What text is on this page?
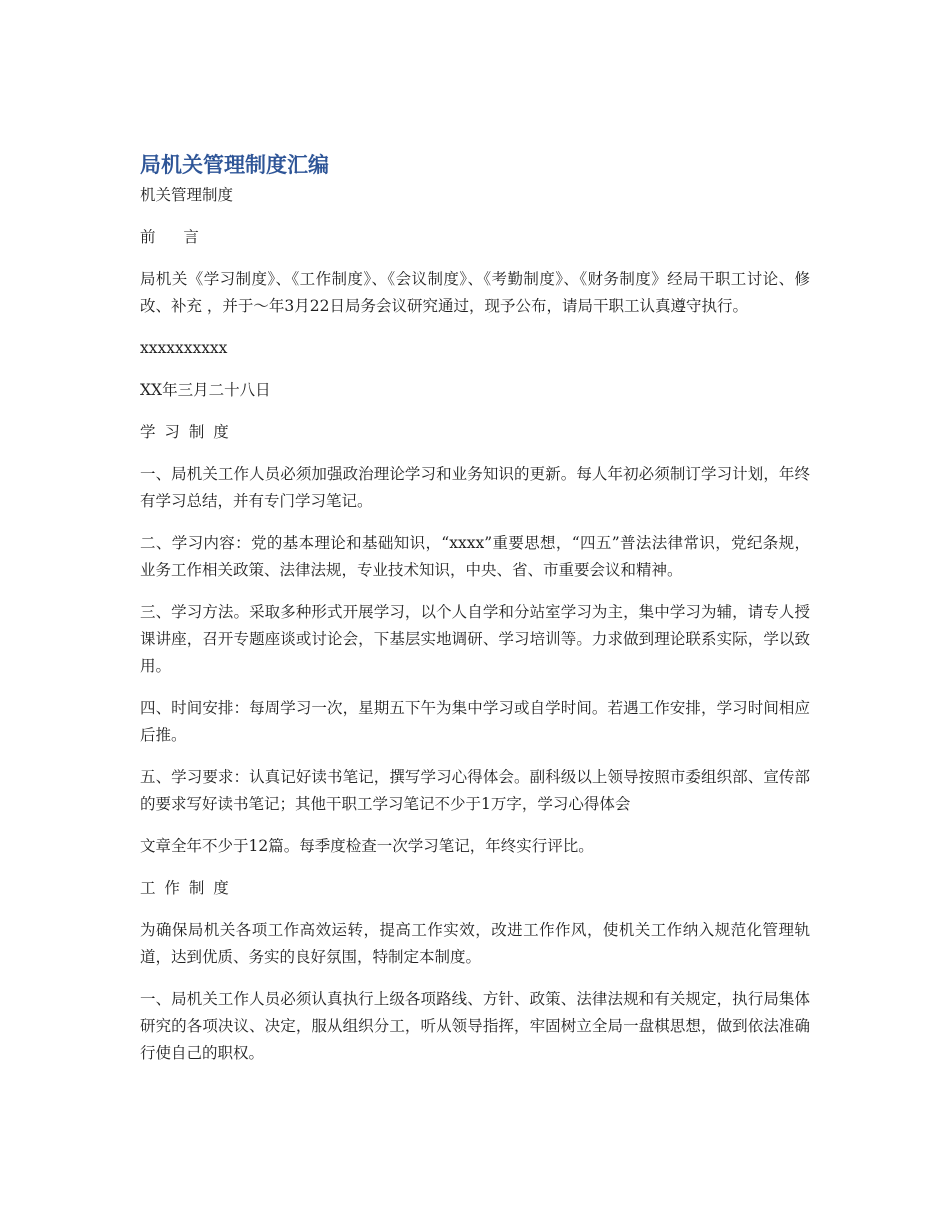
局机关管理制度汇编
机关管理制度
前  言
局机关《学习制度》、《工作制度》、《会议制度》、《考勤制度》、《财务制度》经局干职工讨论、修改、补充 ，并于～年3月22日局务会议研究通过，现予公布，请局干职工认真遵守执行。
xxxxxxxxxx
XX年三月二十八日
学 习 制 度
一、局机关工作人员必须加强政治理论学习和业务知识的更新。每人年初必须制订学习计划，年终有学习总结，并有专门学习笔记。
二、学习内容：党的基本理论和基础知识，“xxxx”重要思想，“四五”普法法律常识，党纪条规，业务工作相关政策、法律法规，专业技术知识，中央、省、市重要会议和精神。
三、学习方法。采取多种形式开展学习，以个人自学和分站室学习为主，集中学习为辅，请专人授课讲座，召开专题座谈或讨论会，下基层实地调研、学习培训等。力求做到理论联系实际，学以致用。
四、时间安排：每周学习一次，星期五下午为集中学习或自学时间。若遇工作安排，学习时间相应后推。
五、学习要求：认真记好读书笔记，撰写学习心得体会。副科级以上领导按照市委组织部、宣传部的要求写好读书笔记；其他干职工学习笔记不少于1万字，学习心得体会
文章全年不少于12篇。每季度检查一次学习笔记，年终实行评比。
工 作 制 度
为确保局机关各项工作高效运转，提高工作实效，改进工作作风，使机关工作纳入规范化管理轨道，达到优质、务实的良好氛围，特制定本制度。
一、局机关工作人员必须认真执行上级各项路线、方针、政策、法律法规和有关规定，执行局集体研究的各项决议、决定，服从组织分工，听从领导指挥，牢固树立全局一盘棋思想，做到依法准确行使自己的职权。
